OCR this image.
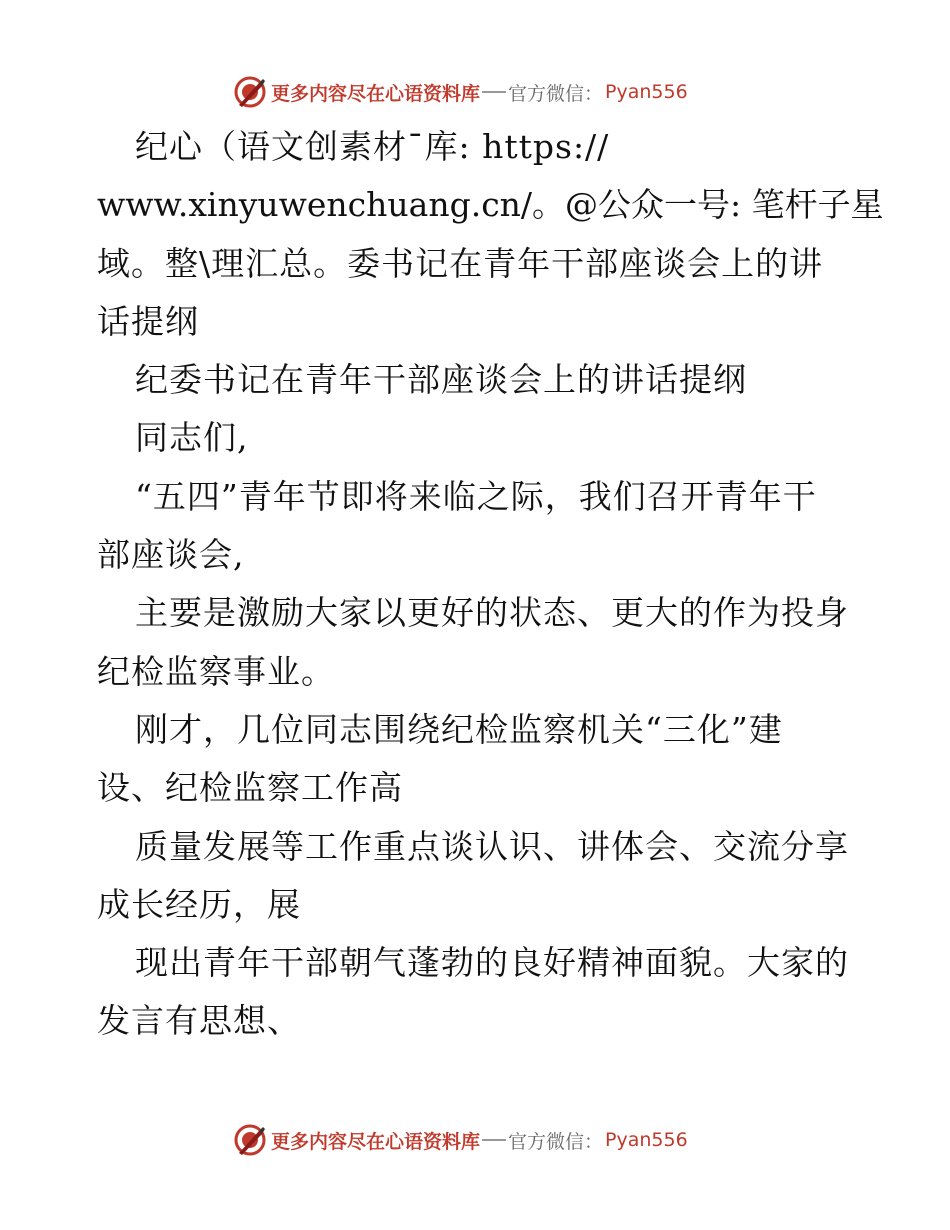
更多内容尽在心语资料库 官方微信： Pyan556
纪心（语文创素材¯库: https://
www.xinyuwenchuang.cn/。@公众一号: 笔杆子星
域。整\理汇总。委书记在青年干部座谈会上的讲
话提纲
纪委书记在青年干部座谈会上的讲话提纲
同志们,
“五四”青年节即将来临之际，我们召开青年干
部座谈会,
主要是激励大家以更好的状态、更大的作为投身
纪检监察事业。
刚才，几位同志围绕纪检监察机关“三化”建
设、纪检监察工作高
质量发展等工作重点谈认识、讲体会、交流分享
成长经历，展
现出青年干部朝气蓬勃的良好精神面貌。大家的
发言有思想、
更多内容尽在心语资料库 官方微信： Pyan556
